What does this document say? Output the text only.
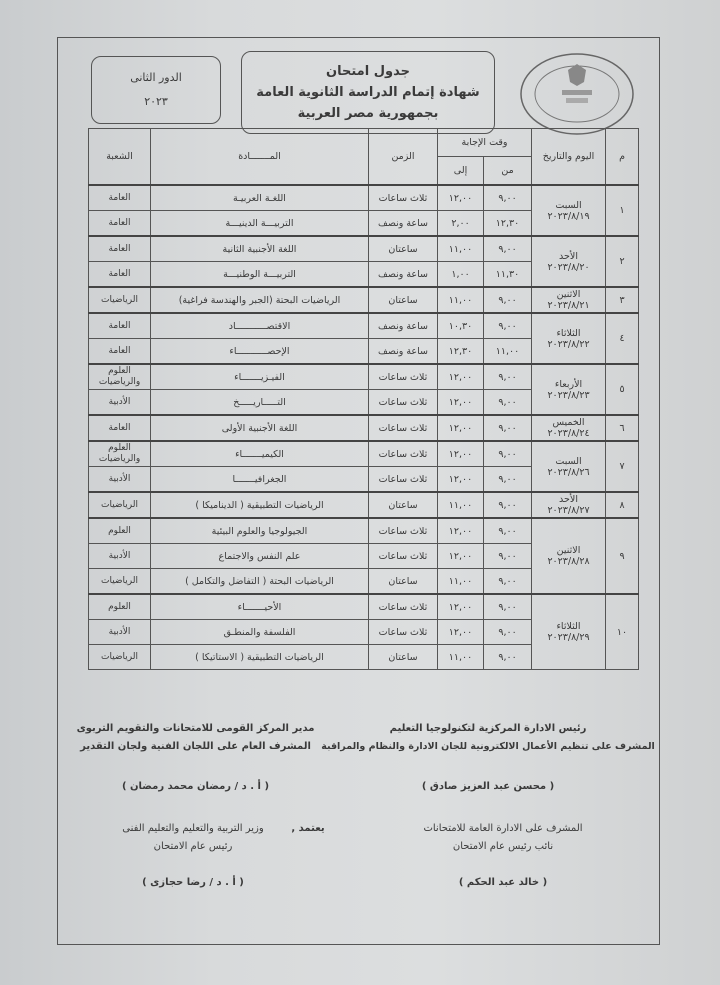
الدور الثانى
٢٠٢٣
جدول امتحان
شهادة إتمام الدراسة الثانوية العامة
بجمهورية مصر العربية
م	اليوم والتاريخ	وقت الإجابة		الزمن	المـــــــادة	الشعبة
		من	إلى			
١	السبت
٢٠٢٣/٨/١٩	٩,٠٠	١٢,٠٠	ثلاث ساعات	اللغـة العربيـة	العامة
		١٢,٣٠	٢,٠٠	ساعة ونصف	التربيـــة الدينيـــة	العامة
٢	الأحد
٢٠٢٣/٨/٢٠	٩,٠٠	١١,٠٠	ساعتان	اللغة الأجنبية الثانية	العامة
		١١,٣٠	١,٠٠	ساعة ونصف	التربيـــة الوطنيـــة	العامة
٣	الاثنين
٢٠٢٣/٨/٢١	٩,٠٠	١١,٠٠	ساعتان	الرياضيات البحتة (الجبر والهندسة فراغية)	الرياضيات
٤	الثلاثاء
٢٠٢٣/٨/٢٢	٩,٠٠	١٠,٣٠	ساعة ونصف	الاقتصـــــــــــاد	العامة
		١١,٠٠	١٢,٣٠	ساعة ونصف	الإحصـــــــــــاء	العامة
٥	الأربعاء
٢٠٢٣/٨/٢٣	٩,٠٠	١٢,٠٠	ثلاث ساعات	الفيـزيـــــــاء	العلوم والرياضيات
		٩,٠٠	١٢,٠٠	ثلاث ساعات	التـــــاريـــــخ	الأدبية
٦	الخميس
٢٠٢٣/٨/٢٤	٩,٠٠	١٢,٠٠	ثلاث ساعات	اللغة الأجنبية الأولى	العامة
٧	السبت
٢٠٢٣/٨/٢٦	٩,٠٠	١٢,٠٠	ثلاث ساعات	الكيميـــــــاء	العلوم والرياضيات
		٩,٠٠	١٢,٠٠	ثلاث ساعات	الجغرافيـــــــا	الأدبية
٨	الأحد
٢٠٢٣/٨/٢٧	٩,٠٠	١١,٠٠	ساعتان	الرياضيات التطبيقية ( الديناميكا )	الرياضيات
٩	الاثنين
٢٠٢٣/٨/٢٨	٩,٠٠	١٢,٠٠	ثلاث ساعات	الجيولوجيا والعلوم البيئية	العلوم
		٩,٠٠	١٢,٠٠	ثلاث ساعات	علم النفس والاجتماع	الأدبية
		٩,٠٠	١١,٠٠	ساعتان	الرياضيات البحتة ( التفاضل والتكامل )	الرياضيات
١٠	الثلاثاء
٢٠٢٣/٨/٢٩	٩,٠٠	١٢,٠٠	ثلاث ساعات	الأحيـــــــاء	العلوم
		٩,٠٠	١٢,٠٠	ثلاث ساعات	الفلسفة والمنطـق	الأدبية
		٩,٠٠	١١,٠٠	ساعتان	الرياضيات التطبيقية ( الاستاتيكا )	الرياضيات
رئيس الادارة المركزية لتكنولوجيا التعليم
المشرف على تنظيم الأعمال الالكترونية للجان الادارة والنظام والمراقبة
( محسن عبد العزيز صادق )
مدير المركز القومى للامتحانات والتقويم التربوى
المشرف العام على اللجان الفنية ولجان التقدير
( أ . د / رمضان محمد رمضان )
المشرف على الادارة العامة للامتحانات
نائب رئيس عام الامتحان
( خالد عبد الحكم )
يعتمد ,
وزير التربية والتعليم والتعليم الفنى
رئيس عام الامتحان
( أ . د / رضا حجازى )
